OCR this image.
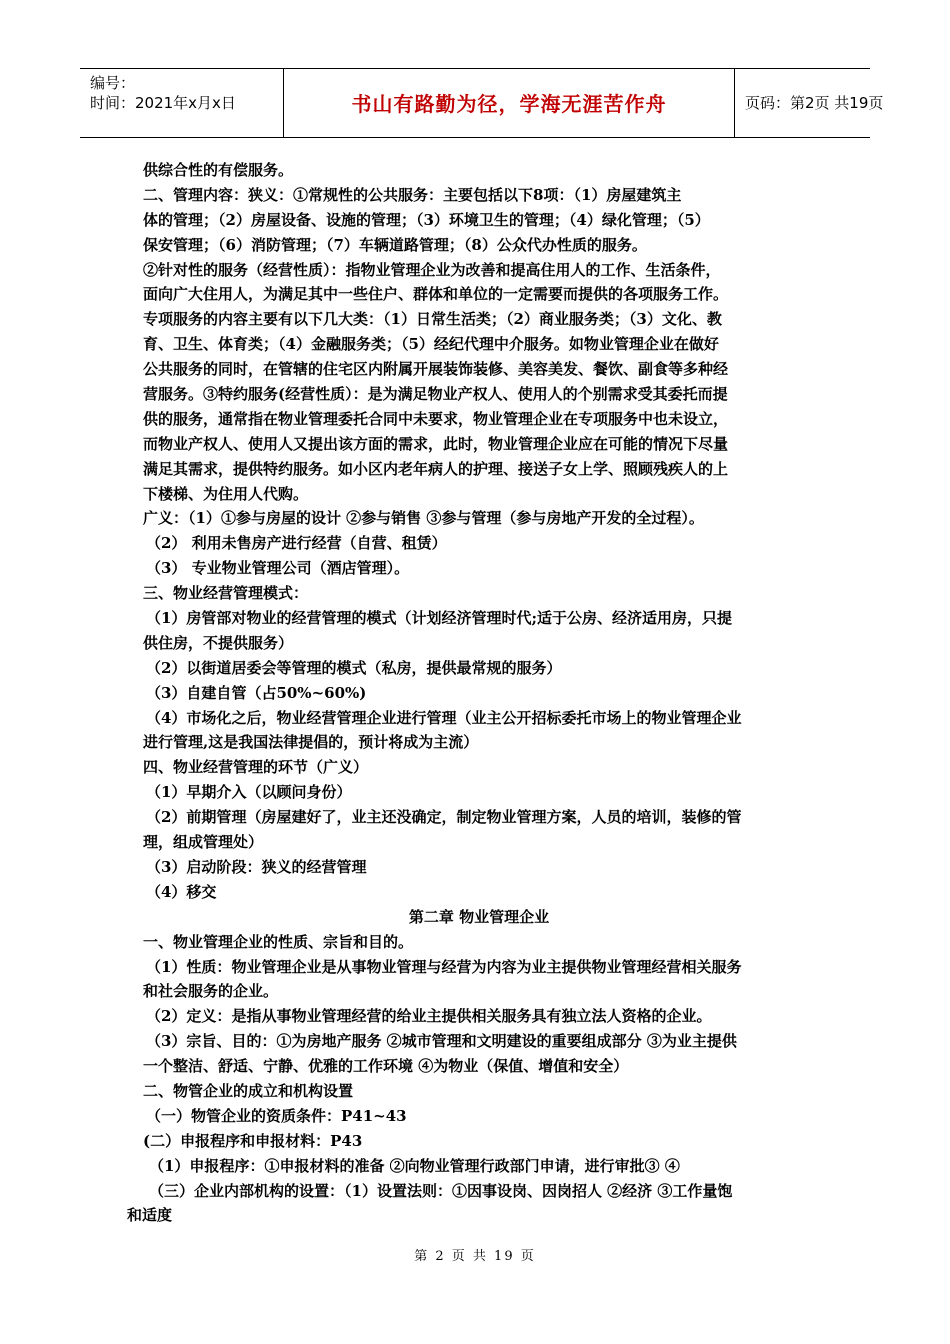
编号：
时间：2021年x月x日	书山有路勤为径，学海无涯苦作舟	页码：第2页 共19页
供综合性的有偿服务。
二、管理内容：狭义：①常规性的公共服务：主要包括以下8项：（1）房屋建筑主
体的管理；（2）房屋设备、设施的管理；（3）环境卫生的管理；（4）绿化管理；（5）
保安管理；（6）消防管理；（7）车辆道路管理；（8）公众代办性质的服务。
②针对性的服务（经营性质）：指物业管理企业为改善和提高住用人的工作、生活条件，
面向广大住用人，为满足其中一些住户、群体和单位的一定需要而提供的各项服务工作。
专项服务的内容主要有以下几大类：（1）日常生活类；（2）商业服务类；（3）文化、教
育、卫生、体育类；（4）金融服务类；（5）经纪代理中介服务。如物业管理企业在做好
公共服务的同时，在管辖的住宅区内附属开展装饰装修、美容美发、餐饮、副食等多种经
营服务。③特约服务(经营性质）：是为满足物业产权人、使用人的个别需求受其委托而提
供的服务，通常指在物业管理委托合同中未要求，物业管理企业在专项服务中也未设立，
而物业产权人、使用人又提出该方面的需求，此时，物业管理企业应在可能的情况下尽量
满足其需求，提供特约服务。如小区内老年病人的护理、接送子女上学、照顾残疾人的上
下楼梯、为住用人代购。
广义：（1）①参与房屋的设计 ②参与销售 ③参与管理（参与房地产开发的全过程）。
（2） 利用未售房产进行经营（自营、租赁）
（3） 专业物业管理公司（酒店管理）。
三、物业经营管理模式：
（1）房管部对物业的经营管理的模式（计划经济管理时代;适于公房、经济适用房，只提
供住房，不提供服务）
（2）以街道居委会等管理的模式（私房，提供最常规的服务）
（3）自建自管（占50%~60%)
（4）市场化之后，物业经营管理企业进行管理（业主公开招标委托市场上的物业管理企业
进行管理,这是我国法律提倡的，预计将成为主流）
四、物业经营管理的环节（广义）
（1）早期介入（以顾问身份）
（2）前期管理（房屋建好了，业主还没确定，制定物业管理方案，人员的培训，装修的管
理，组成管理处）
（3）启动阶段：狭义的经营管理
（4）移交
第二章 物业管理企业
一、物业管理企业的性质、宗旨和目的。
（1）性质：物业管理企业是从事物业管理与经营为内容为业主提供物业管理经营相关服务
和社会服务的企业。
（2）定义：是指从事物业管理经营的给业主提供相关服务具有独立法人资格的企业。
（3）宗旨、目的：①为房地产服务 ②城市管理和文明建设的重要组成部分 ③为业主提供
一个整洁、舒适、宁静、优雅的工作环境 ④为物业（保值、增值和安全）
二、物管企业的成立和机构设置
（一）物管企业的资质条件：P41~43
(二）申报程序和申报材料：P43
（1）申报程序：①申报材料的准备 ②向物业管理行政部门申请，进行审批③ ④
（三）企业内部机构的设置：（1）设置法则：①因事设岗、因岗招人 ②经济 ③工作量饱
和适度
第 2 页 共 19 页
